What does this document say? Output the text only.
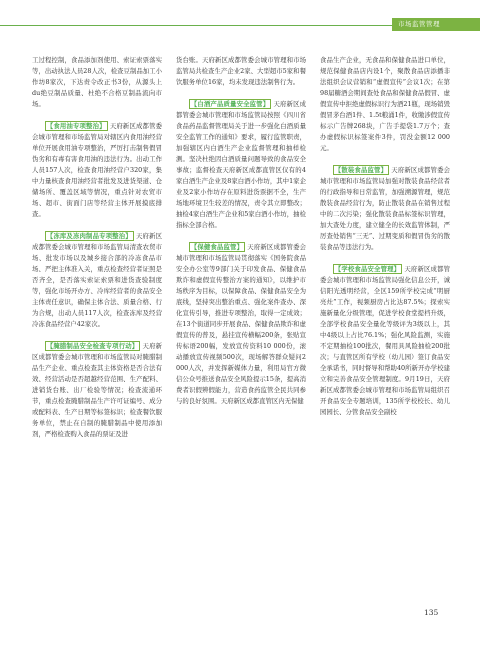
市场监管管理

工过程控制，食品添加剂使用、索证索票落实等，出动执法人员28人次，检查豆制品加工小作坊8家次，下达责令改正书3份，从源头上du绝豆制品质量、杜绝不合格豆制品流向市场。

【食用油专项整治】 天府新区成都管委会城市管理和市场监管局对辖区内食用油经营单位开展食用油专项整治，严厉打击制售假冒伪劣和有毒有害食用油的违法行为。出动工作人员157人次，检查食用油经营户320家，集中力量核查食用油经营者批发及进货渠道、仓储场所、覆盖区域等情况，重点针对农贸市场、超市、街面门店等经营主体开展摸底排查。

【冻库及冻肉制品专项整治】 天府新区成都管委会城市管理和市场监管局清查农贸市场、批发市场以及城乡接合部的冷冻食品市场、严把主体准入关，重点检查经营者证照是否齐全，是否落实索证索票和进货查验制度等，强化市场开办方、冷库经营者的食品安全主体责任意识，确保主体合法、质量合格、行为合规，出动人员117人次，检查冻库及经营冷冻食品经营户42家次。

【腌腊制品安全检查专项行动】 天府新区成都管委会城市管理和市场监管局对腌腊制品生产企业、重点检查其主体资格是否合法有效、经营活动是否超越经营范围、生产配料、进销货台账、出厂检验等情况；检查流通环节，重点检查腌腊制品生产许可证编号、成分或配料表、生产日期等标签标识；检查餐饮服务单位，禁止在自制的腌腊制品中使用添加剂，严格检查购入食品的票证及进

货台账。天府新区成都管委会城市管理和市场监管局共检查生产企业2家、大型超市5家和餐饮服务单位16家，均未发现违法制售行为。

【白酒产品质量安全监管】 天府新区成都管委会城市管理和市场监管局按照《四川省食品药品监督管理局关于进一步强化白酒质量安全监管工作的通知》要求，履行监管职责，加强辖区内白酒生产企业监督管理和抽样检测。坚决杜绝因白酒质量问题导致的食品安全事故；监督检查天府新区成都直管区仅有的4家白酒生产企业及8家白酒小作坊，其中1家企业及2家小作坊存在原料进货票据不全，生产场地环境卫生较差的情况，责令其立即整改；抽检4家白酒生产企业和5家白酒小作坊，抽检指标全部合格。

【保健食品监管】 天府新区成都管委会城市管理和市场监管局贯彻落实《国务院食品安全办公室等9部门关于印发食品、保健食品欺诈和虚假宣传整治方案的通知》，以维护市场秩序为目标，以保障食品、保健食品安全为底线，坚持突出整治重点、强化案件查办、深化宣传引导，推进专项整治，取得一定成效；在13个街道同步开展食品、保健食品欺诈和虚假宣传的普及，悬挂宣传横幅200条，张贴宣传标语200幅，发放宣传资料10 000份，滚动播放宣传视频500次，现场解答群众疑问2 000人次，并发挥新媒体力量，利用局官方微信公众号推送食品安全风险提示15条，提高消费者识假辨假能力，营造食药监管全民共同参与的良好氛围。天府新区成都直管区内无保健

食品生产企业，无食品和保健食品进口单位，规范保健食品店内设1个，聚散食品店添播非法组织会议营销和“虚假宣传”会议1次；在第98届糖酒会期间查处食品和保健食品假冒、虚假宣传中拒绝虚假标识行为酒21瓶，现场销毁假冒茅台酒1件、1.5t粮涌1件，收缴涉假宣传标示广告牌268块，广告手提袋1.7万个；查办虚假标识标签案件3件，罚没金额12 000元。

【散装食品监管】 天府新区成都管委会城市管理和市场监管局加强对散装食品经营者的行政指导和日常监管，加强溯源管理，规范散装食品经营行为，防止散装食品在销售过程中的二次污染；强化散装食品标签标识管理，加大查处力度，建立健全的长效监管体制，严厉查处销售“三无”、过期变质和假冒伪劣的散装食品等违法行为。

【学校食品安全管理】 天府新区成都管委会城市管理和市场监管局强化信息公开，诚信阳光透明经营，全区159所学校完成“明厨亮灶”工作，视频厨房占比达87.5%；探索实施新量化分级管理，促进学校食堂提档升级，全部学校食品安全量化等级评为3级以上，其中4级以上占比76.1%；强化风险监测，实施不定期抽检100批次，餐用具风险抽检200批次；与直管区所有学校（幼儿园）签订食品安全承诺书，同时督导和帮助40所新开办学校建立和完善食品安全管理制度。9月19日，天府新区成都管委会城市管理和市场监管局组织召开食品安全专题培训，135所学校校长、幼儿园园长、分管食品安全副校

135
